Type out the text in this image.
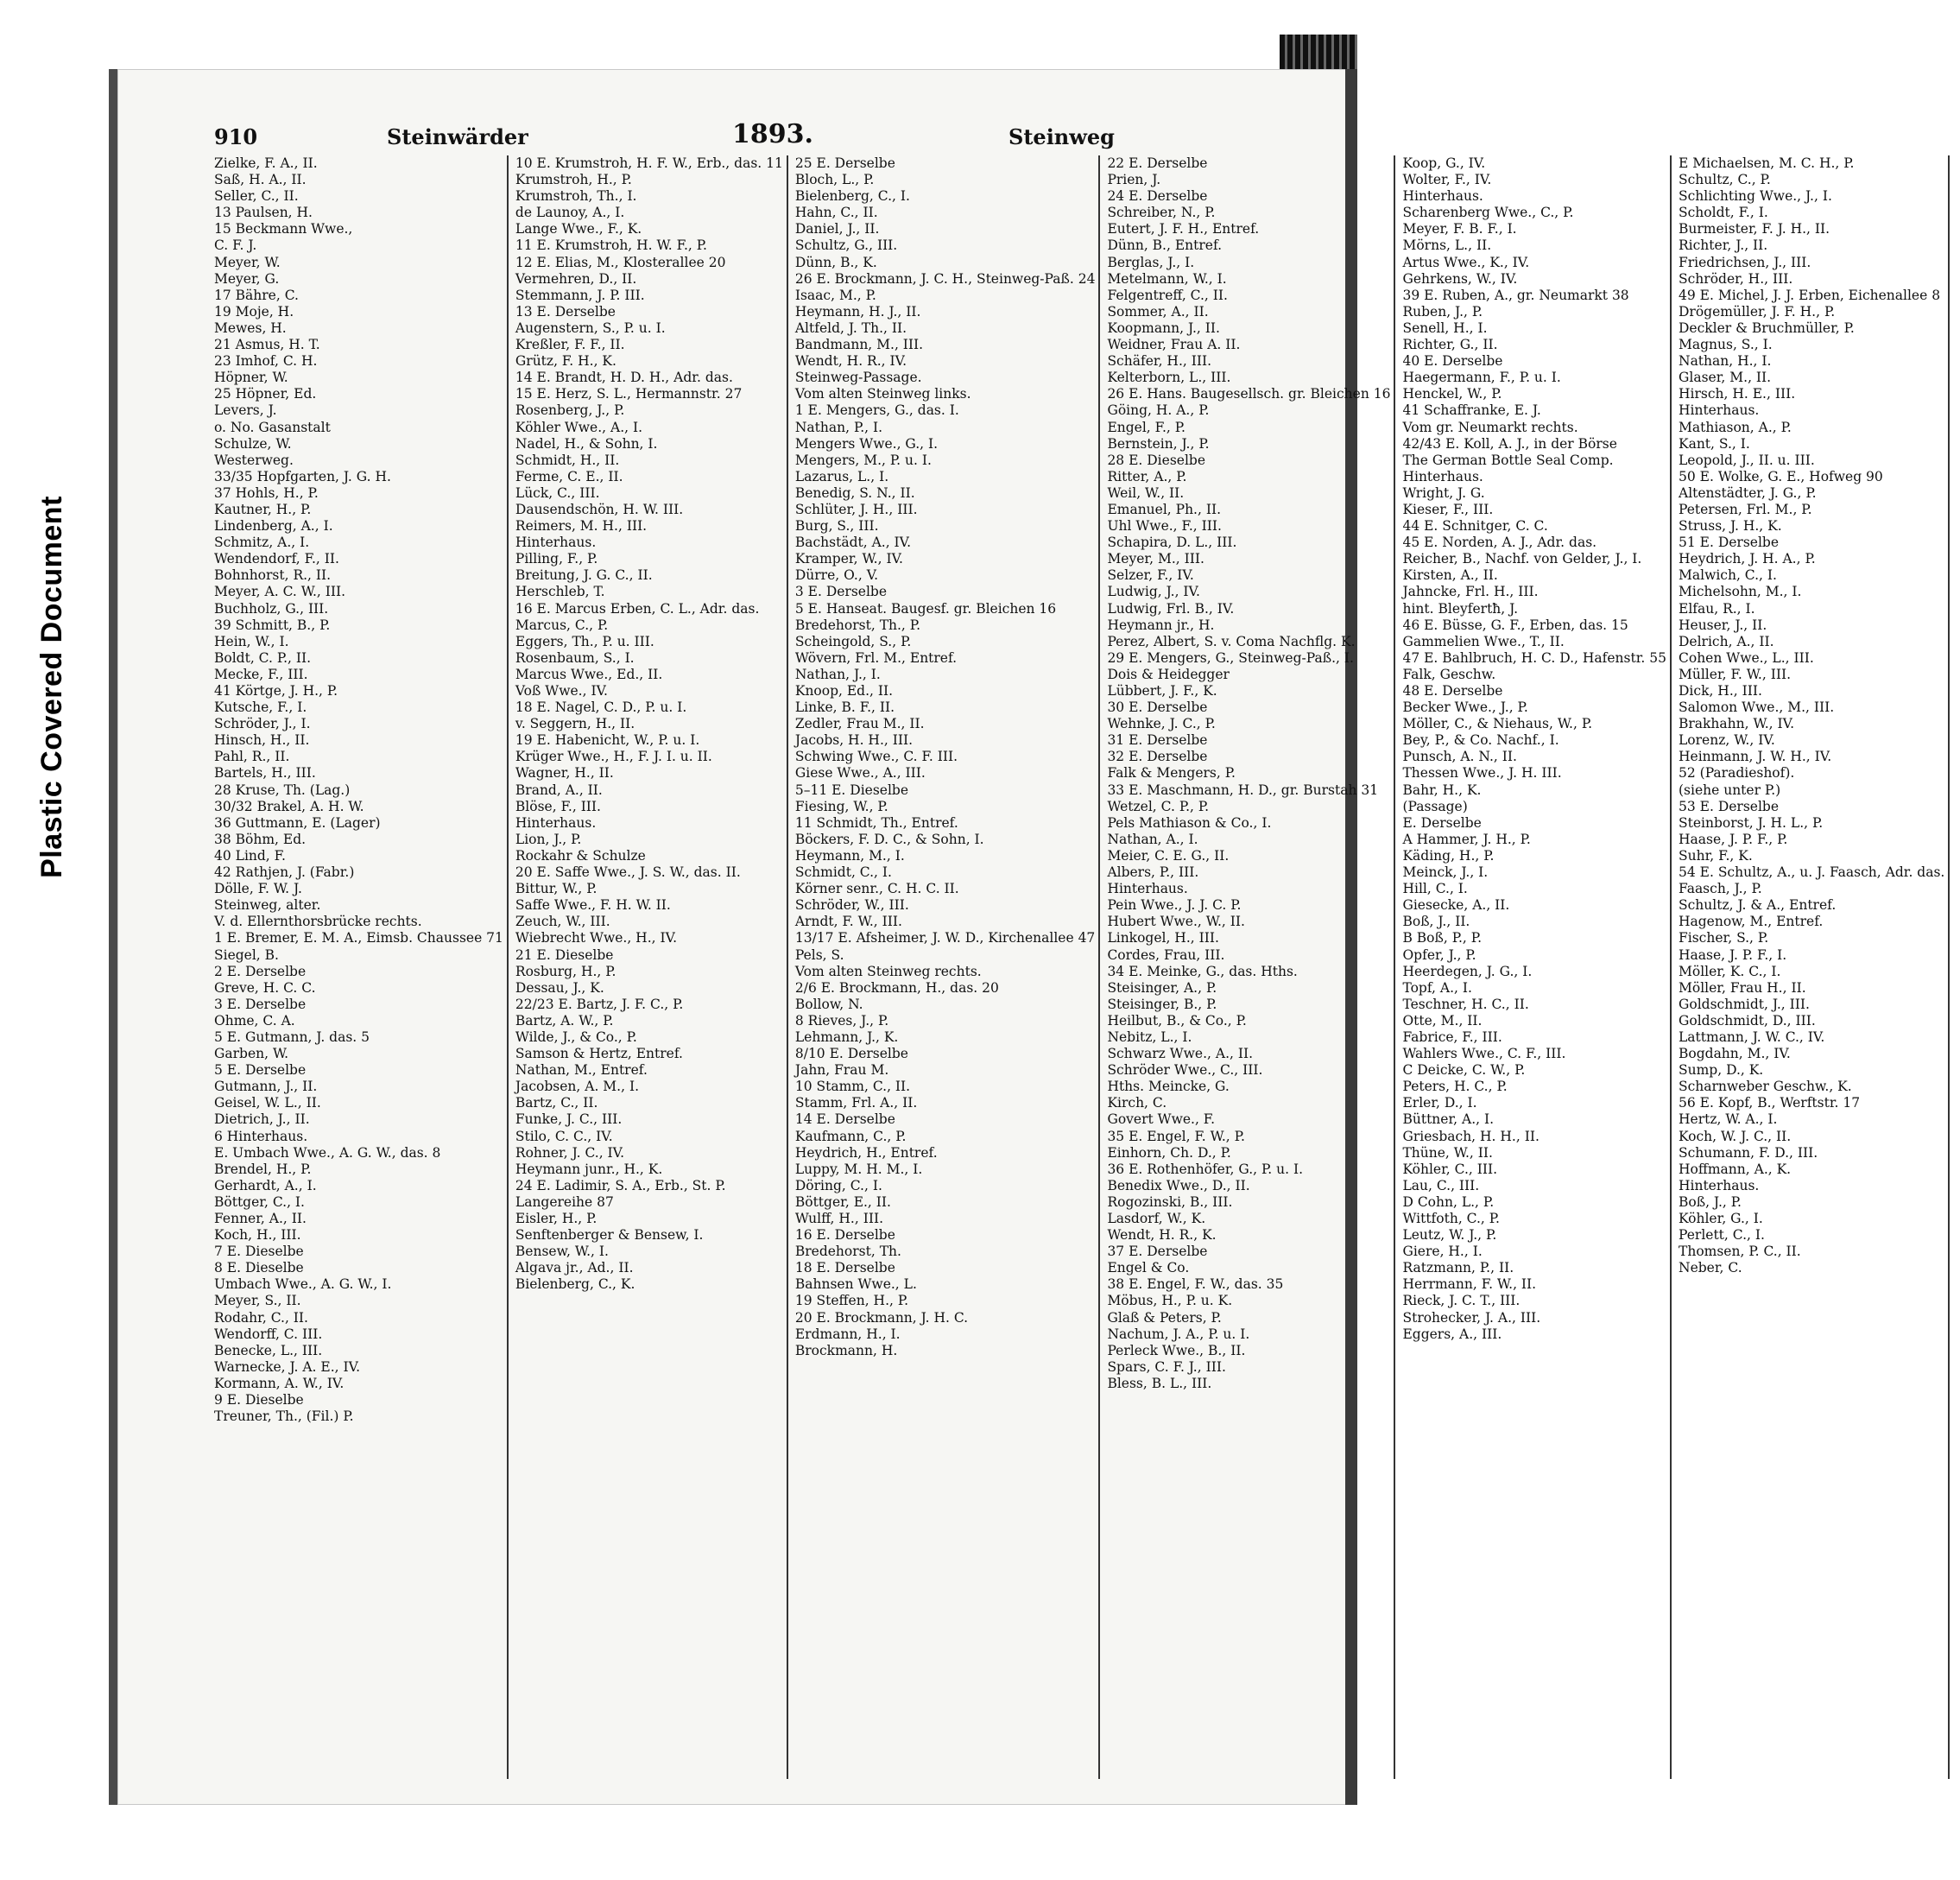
Plastic Covered Document
910	Steinwärder	1893.	Steinweg
Zielke, F. A., II.
Saß, H. A., II.
Seller, C., II.
13 Paulsen, H.
15 Beckmann Wwe.,
C. F. J.
Meyer, W.
Meyer, G.
17 Bähre, C.
19 Moje, H.
Mewes, H.
21 Asmus, H. T.
23 Imhof, C. H.
Höpner, W.
25 Höpner, Ed.
Levers, J.
o. No. Gasanstalt
Schulze, W.
Westerweg.
33/35 Hopfgarten, J. G. H.
37 Hohls, H., P.
Kautner, H., P.
Lindenberg, A., I.
Schmitz, A., I.
Wendendorf, F., II.
Bohnhorst, R., II.
Meyer, A. C. W., III.
Buchholz, G., III.
39 Schmitt, B., P.
Hein, W., I.
Boldt, C. P., II.
Mecke, F., III.
41 Körtge, J. H., P.
Kutsche, F., I.
Schröder, J., I.
Hinsch, H., II.
Pahl, R., II.
Bartels, H., III.
28 Kruse, Th. (Lag.)
30/32 Brakel, A. H. W.
36 Guttmann, E. (Lager)
38 Böhm, Ed.
40 Lind, F.
42 Rathjen, J. (Fabr.)
Dölle, F. W. J.
Steinweg, alter.
V. d. Ellernthorsbrücke rechts.
1 E. Bremer, E. M. A., Eimsb. Chaussee 71
Siegel, B.
2 E. Derselbe
Greve, H. C. C.
3 E. Derselbe
Ohme, C. A.
5 E. Gutmann, J. das. 5
Garben, W.
5 E. Derselbe
Gutmann, J., II.
Geisel, W. L., II.
Dietrich, J., II.
6 Hinterhaus.
E. Umbach Wwe., A. G. W., das. 8
Brendel, H., P.
Gerhardt, A., I.
Böttger, C., I.
Fenner, A., II.
Koch, H., III.
7 E. Dieselbe
8 E. Dieselbe
Umbach Wwe., A. G. W., I.
Meyer, S., II.
Rodahr, C., II.
Wendorff, C. III.
Benecke, L., III.
Warnecke, J. A. E., IV.
Kormann, A. W., IV.
9 E. Dieselbe
Treuner, Th., (Fil.) P.
10 E. Krumstroh, H. F. W., Erb., das. 11
Krumstroh, H., P.
Krumstroh, Th., I.
de Launoy, A., I.
Lange Wwe., F., K.
11 E. Krumstroh, H. W. F., P.
12 E. Elias, M., Klosterallee 20
Vermehren, D., II.
Stemmann, J. P. III.
13 E. Derselbe
Augenstern, S., P. u. I.
Kreßler, F. F., II.
Grütz, F. H., K.
14 E. Brandt, H. D. H., Adr. das.
15 E. Herz, S. L., Hermannstr. 27
Rosenberg, J., P.
Köhler Wwe., A., I.
Nadel, H., & Sohn, I.
Schmidt, H., II.
Ferme, C. E., II.
Lück, C., III.
Dausendschön, H. W. III.
Reimers, M. H., III.
Hinterhaus.
Pilling, F., P.
Breitung, J. G. C., II.
Herschleb, T.
16 E. Marcus Erben, C. L., Adr. das.
Marcus, C., P.
Eggers, Th., P. u. III.
Rosenbaum, S., I.
Marcus Wwe., Ed., II.
Voß Wwe., IV.
18 E. Nagel, C. D., P. u. I.
v. Seggern, H., II.
19 E. Habenicht, W., P. u. I.
Krüger Wwe., H., F. J. I. u. II.
Wagner, H., II.
Brand, A., II.
Blöse, F., III.
Hinterhaus.
Lion, J., P.
Rockahr & Schulze
20 E. Saffe Wwe., J. S. W., das. II.
Bittur, W., P.
Saffe Wwe., F. H. W. II.
Zeuch, W., III.
Wiebrecht Wwe., H., IV.
21 E. Dieselbe
Rosburg, H., P.
Dessau, J., K.
22/23 E. Bartz, J. F. C., P.
Bartz, A. W., P.
Wilde, J., & Co., P.
Samson & Hertz, Entref.
Nathan, M., Entref.
Jacobsen, A. M., I.
Bartz, C., II.
Funke, J. C., III.
Stilo, C. C., IV.
Rohner, J. C., IV.
Heymann junr., H., K.
24 E. Ladimir, S. A., Erb., St. P.
Langereihe 87
Eisler, H., P.
Senftenberger & Bensew, I.
Bensew, W., I.
Algava jr., Ad., II.
Bielenberg, C., K.
25 E. Derselbe
Bloch, L., P.
Bielenberg, C., I.
Hahn, C., II.
Daniel, J., II.
Schultz, G., III.
Dünn, B., K.
26 E. Brockmann, J. C. H., Steinweg-Paß. 24
Isaac, M., P.
Heymann, H. J., II.
Altfeld, J. Th., II.
Bandmann, M., III.
Wendt, H. R., IV.
Steinweg-Passage.
Vom alten Steinweg links.
1 E. Mengers, G., das. I.
Nathan, P., I.
Mengers Wwe., G., I.
Mengers, M., P. u. I.
Lazarus, L., I.
Benedig, S. N., II.
Schlüter, J. H., III.
Burg, S., III.
Bachstädt, A., IV.
Kramper, W., IV.
Dürre, O., V.
3 E. Derselbe
5 E. Hanseat. Baugesf. gr. Bleichen 16
Bredehorst, Th., P.
Scheingold, S., P.
Wövern, Frl. M., Entref.
Nathan, J., I.
Knoop, Ed., II.
Linke, B. F., II.
Zedler, Frau M., II.
Jacobs, H. H., III.
Schwing Wwe., C. F. III.
Giese Wwe., A., III.
5–11 E. Dieselbe
Fiesing, W., P.
11 Schmidt, Th., Entref.
Böckers, F. D. C., & Sohn, I.
Heymann, M., I.
Schmidt, C., I.
Körner senr., C. H. C. II.
Schröder, W., III.
Arndt, F. W., III.
13/17 E. Afsheimer, J. W. D., Kirchenallee 47
Pels, S.
Vom alten Steinweg rechts.
2/6 E. Brockmann, H., das. 20
Bollow, N.
8 Rieves, J., P.
Lehmann, J., K.
8/10 E. Derselbe
Jahn, Frau M.
10 Stamm, C., II.
Stamm, Frl. A., II.
14 E. Derselbe
Kaufmann, C., P.
Heydrich, H., Entref.
Luppy, M. H. M., I.
Döring, C., I.
Böttger, E., II.
Wulff, H., III.
16 E. Derselbe
Bredehorst, Th.
18 E. Derselbe
Bahnsen Wwe., L.
19 Steffen, H., P.
20 E. Brockmann, J. H. C.
Erdmann, H., I.
Brockmann, H.
22 E. Derselbe
Prien, J.
24 E. Derselbe
Schreiber, N., P.
Eutert, J. F. H., Entref.
Dünn, B., Entref.
Berglas, J., I.
Metelmann, W., I.
Felgentreff, C., II.
Sommer, A., II.
Koopmann, J., II.
Weidner, Frau A. II.
Schäfer, H., III.
Kelterborn, L., III.
26 E. Hans. Baugesellsch. gr. Bleichen 16
Göing, H. A., P.
Engel, F., P.
Bernstein, J., P.
28 E. Dieselbe
Ritter, A., P.
Weil, W., II.
Emanuel, Ph., II.
Uhl Wwe., F., III.
Schapira, D. L., III.
Meyer, M., III.
Selzer, F., IV.
Ludwig, J., IV.
Ludwig, Frl. B., IV.
Heymann jr., H.
Perez, Albert, S. v. Coma Nachflg. K.
29 E. Mengers, G., Steinweg-Paß., I.
Dois & Heidegger
Lübbert, J. F., K.
30 E. Derselbe
Wehnke, J. C., P.
31 E. Derselbe
32 E. Derselbe
Falk & Mengers, P.
33 E. Maschmann, H. D., gr. Burstah 31
Wetzel, C. P., P.
Pels Mathiason & Co., I.
Nathan, A., I.
Meier, C. E. G., II.
Albers, P., III.
Hinterhaus.
Pein Wwe., J. J. C. P.
Hubert Wwe., W., II.
Linkogel, H., III.
Cordes, Frau, III.
34 E. Meinke, G., das. Hths.
Steisinger, A., P.
Steisinger, B., P.
Heilbut, B., & Co., P.
Nebitz, L., I.
Schwarz Wwe., A., II.
Schröder Wwe., C., III.
Hths. Meincke, G.
Kirch, C.
Govert Wwe., F.
35 E. Engel, F. W., P.
Einhorn, Ch. D., P.
36 E. Rothenhöfer, G., P. u. I.
Benedix Wwe., D., II.
Rogozinski, B., III.
Lasdorf, W., K.
Wendt, H. R., K.
37 E. Derselbe
Engel & Co.
38 E. Engel, F. W., das. 35
Möbus, H., P. u. K.
Glaß & Peters, P.
Nachum, J. A., P. u. I.
Perleck Wwe., B., II.
Spars, C. F. J., III.
Bless, B. L., III.
Koop, G., IV.
Wolter, F., IV.
Hinterhaus.
Scharenberg Wwe., C., P.
Meyer, F. B. F., I.
Mörns, L., II.
Artus Wwe., K., IV.
Gehrkens, W., IV.
39 E. Ruben, A., gr. Neumarkt 38
Ruben, J., P.
Senell, H., I.
Richter, G., II.
40 E. Derselbe
Haegermann, F., P. u. I.
Henckel, W., P.
41 Schaffranke, E. J.
Vom gr. Neumarkt rechts.
42/43 E. Koll, A. J., in der Börse
The German Bottle Seal Comp.
Hinterhaus.
Wright, J. G.
Kieser, F., III.
44 E. Schnitger, C. C.
45 E. Norden, A. J., Adr. das.
Reicher, B., Nachf. von Gelder, J., I.
Kirsten, A., II.
Jahncke, Frl. H., III.
hint. Bleyfertħ, J.
46 E. Büsse, G. F., Erben, das. 15
Gammelien Wwe., T., II.
47 E. Bahlbruch, H. C. D., Hafenstr. 55
Falk, Geschw.
48 E. Derselbe
Becker Wwe., J., P.
Möller, C., & Niehaus, W., P.
Bey, P., & Co. Nachf., I.
Punsch, A. N., II.
Thessen Wwe., J. H. III.
Bahr, H., K.
(Passage)
E. Derselbe
A Hammer, J. H., P.
Käding, H., P.
Meinck, J., I.
Hill, C., I.
Giesecke, A., II.
Boß, J., II.
B Boß, P., P.
Opfer, J., P.
Heerdegen, J. G., I.
Topf, A., I.
Teschner, H. C., II.
Otte, M., II.
Fabrice, F., III.
Wahlers Wwe., C. F., III.
C Deicke, C. W., P.
Peters, H. C., P.
Erler, D., I.
Büttner, A., I.
Griesbach, H. H., II.
Thüne, W., II.
Köhler, C., III.
Lau, C., III.
D Cohn, L., P.
Wittfoth, C., P.
Leutz, W. J., P.
Giere, H., I.
Ratzmann, P., II.
Herrmann, F. W., II.
Rieck, J. C. T., III.
Strohecker, J. A., III.
Eggers, A., III.
E Michaelsen, M. C. H., P.
Schultz, C., P.
Schlichting Wwe., J., I.
Scholdt, F., I.
Burmeister, F. J. H., II.
Richter, J., II.
Friedrichsen, J., III.
Schröder, H., III.
49 E. Michel, J. J. Erben, Eichenallee 8
Drögemüller, J. F. H., P.
Deckler & Bruchmüller, P.
Magnus, S., I.
Nathan, H., I.
Glaser, M., II.
Hirsch, H. E., III.
Hinterhaus.
Mathiason, A., P.
Kant, S., I.
Leopold, J., II. u. III.
50 E. Wolke, G. E., Hofweg 90
Altenstädter, J. G., P.
Petersen, Frl. M., P.
Struss, J. H., K.
51 E. Derselbe
Heydrich, J. H. A., P.
Malwich, C., I.
Michelsohn, M., I.
Elfau, R., I.
Heuser, J., II.
Delrich, A., II.
Cohen Wwe., L., III.
Müller, F. W., III.
Dick, H., III.
Salomon Wwe., M., III.
Brakhahn, W., IV.
Lorenz, W., IV.
Heinmann, J. W. H., IV.
52 (Paradieshof).
(siehe unter P.)
53 E. Derselbe
Steinborst, J. H. L., P.
Haase, J. P. F., P.
Suhr, F., K.
54 E. Schultz, A., u. J. Faasch, Adr. das.
Faasch, J., P.
Schultz, J. & A., Entref.
Hagenow, M., Entref.
Fischer, S., P.
Haase, J. P. F., I.
Möller, K. C., I.
Möller, Frau H., II.
Goldschmidt, J., III.
Goldschmidt, D., III.
Lattmann, J. W. C., IV.
Bogdahn, M., IV.
Sump, D., K.
Scharnweber Geschw., K.
56 E. Kopf, B., Werftstr. 17
Hertz, W. A., I.
Koch, W. J. C., II.
Schumann, F. D., III.
Hoffmann, A., K.
Hinterhaus.
Boß, J., P.
Köhler, G., I.
Perlett, C., I.
Thomsen, P. C., II.
Neber, C.
